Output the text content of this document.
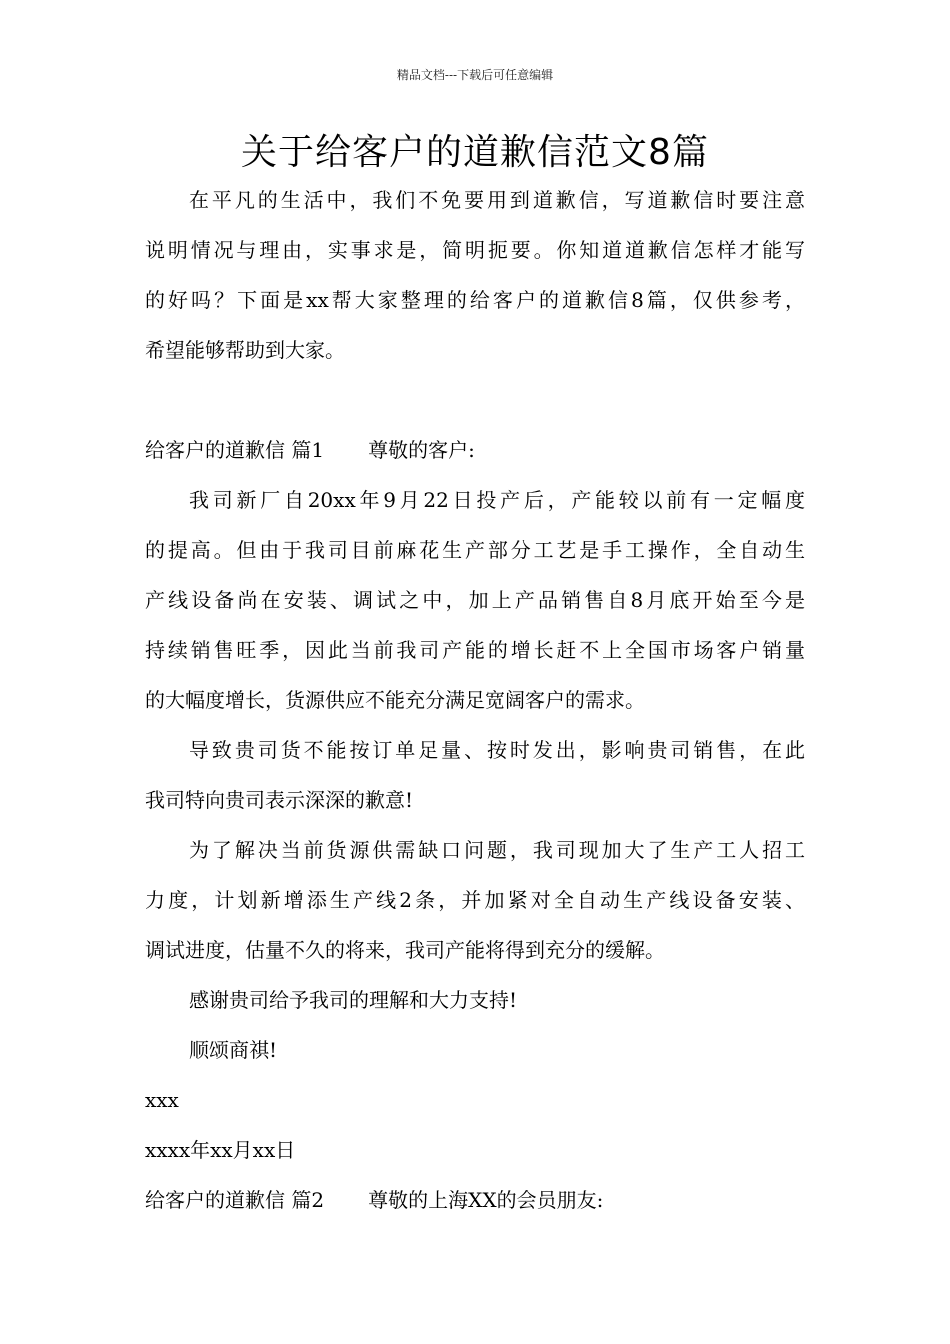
精品文档---下载后可任意编辑
关于给客户的道歉信范文8篇
在平凡的生活中，我们不免要用到道歉信，写道歉信时要注意
说明情况与理由，实事求是，简明扼要。你知道道歉信怎样才能写
的好吗？下面是xx帮大家整理的给客户的道歉信8篇，仅供参考，
希望能够帮助到大家。
给客户的道歉信 篇1 尊敬的客户:
我司新厂自20xx年9月22日投产后，产能较以前有一定幅度
的提高。但由于我司目前麻花生产部分工艺是手工操作，全自动生
产线设备尚在安装、调试之中，加上产品销售自8月底开始至今是
持续销售旺季，因此当前我司产能的增长赶不上全国市场客户销量
的大幅度增长，货源供应不能充分满足宽阔客户的需求。
导致贵司货不能按订单足量、按时发出，影响贵司销售，在此
我司特向贵司表示深深的歉意!
为了解决当前货源供需缺口问题，我司现加大了生产工人招工
力度，计划新增添生产线2条，并加紧对全自动生产线设备安装、
调试进度，估量不久的将来，我司产能将得到充分的缓解。
感谢贵司给予我司的理解和大力支持!
顺颂商祺!
xxx
xxxx年xx月xx日
给客户的道歉信 篇2 尊敬的上海XX的会员朋友:
